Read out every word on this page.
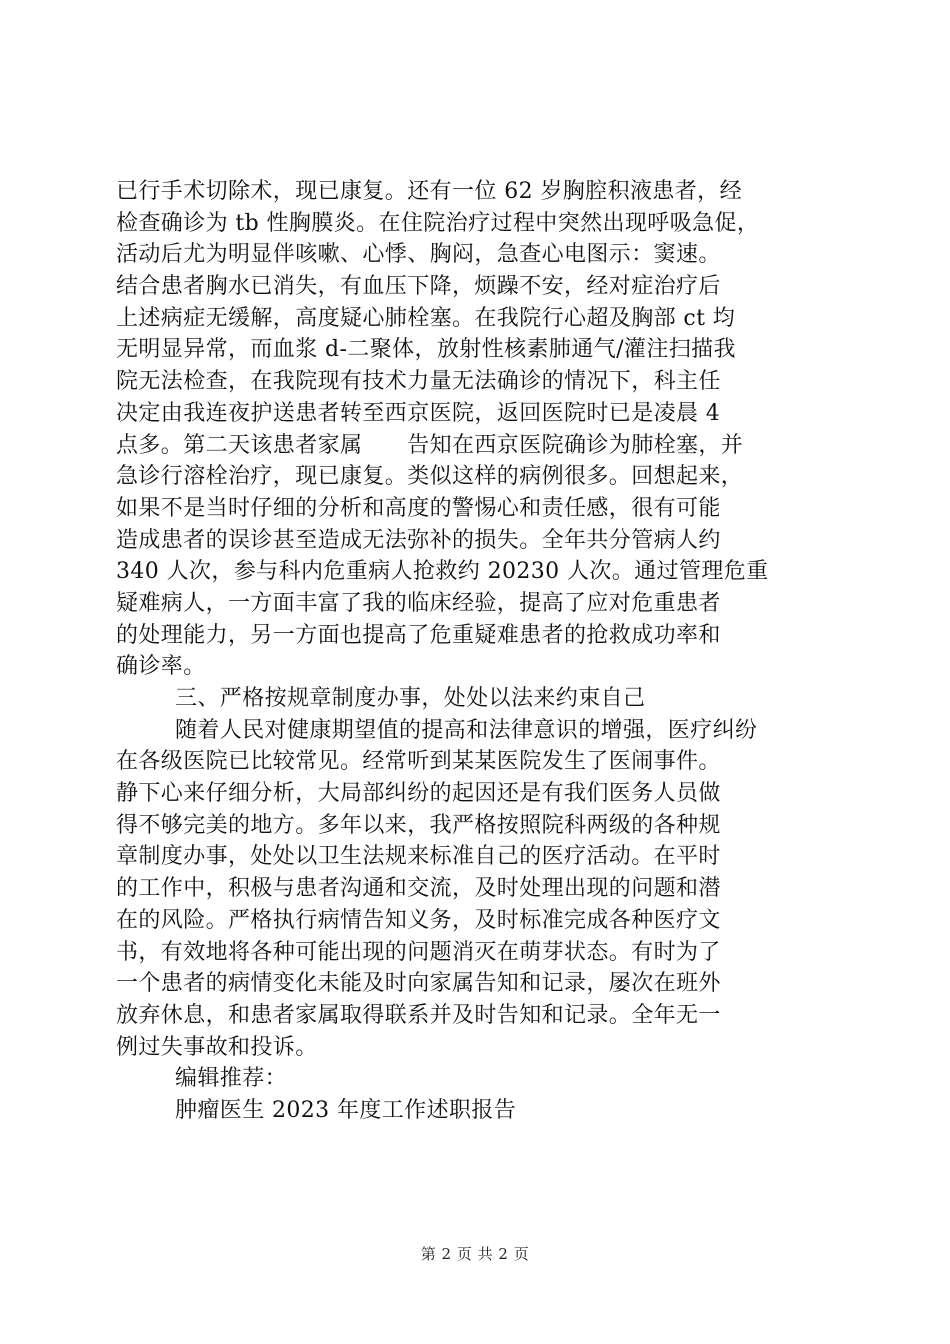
已行手术切除术，现已康复。还有一位 62 岁胸腔积液患者，经
检查确诊为 tb 性胸膜炎。在住院治疗过程中突然出现呼吸急促，
活动后尤为明显伴咳嗽、心悸、胸闷，急查心电图示：窦速。
结合患者胸水已消失，有血压下降，烦躁不安，经对症治疗后
上述病症无缓解，高度疑心肺栓塞。在我院行心超及胸部 ct 均
无明显异常，而血浆 d-二聚体，放射性核素肺通气/灌注扫描我
院无法检查，在我院现有技术力量无法确诊的情况下，科主任
决定由我连夜护送患者转至西京医院，返回医院时已是凌晨 4
点多。第二天该患者家属　　告知在西京医院确诊为肺栓塞，并
急诊行溶栓治疗，现已康复。类似这样的病例很多。回想起来，
如果不是当时仔细的分析和高度的警惕心和责任感，很有可能
造成患者的误诊甚至造成无法弥补的损失。全年共分管病人约
340 人次，参与科内危重病人抢救约 20230 人次。通过管理危重
疑难病人，一方面丰富了我的临床经验，提高了应对危重患者
的处理能力，另一方面也提高了危重疑难患者的抢救成功率和
确诊率。
三、严格按规章制度办事，处处以法来约束自己
随着人民对健康期望值的提高和法律意识的增强，医疗纠纷
在各级医院已比较常见。经常听到某某医院发生了医闹事件。
静下心来仔细分析，大局部纠纷的起因还是有我们医务人员做
得不够完美的地方。多年以来，我严格按照院科两级的各种规
章制度办事，处处以卫生法规来标准自己的医疗活动。在平时
的工作中，积极与患者沟通和交流，及时处理出现的问题和潜
在的风险。严格执行病情告知义务，及时标准完成各种医疗文
书，有效地将各种可能出现的问题消灭在萌芽状态。有时为了
一个患者的病情变化未能及时向家属告知和记录，屡次在班外
放弃休息，和患者家属取得联系并及时告知和记录。全年无一
例过失事故和投诉。
编辑推荐：
肿瘤医生 2023 年度工作述职报告
第 2 页 共 2 页
